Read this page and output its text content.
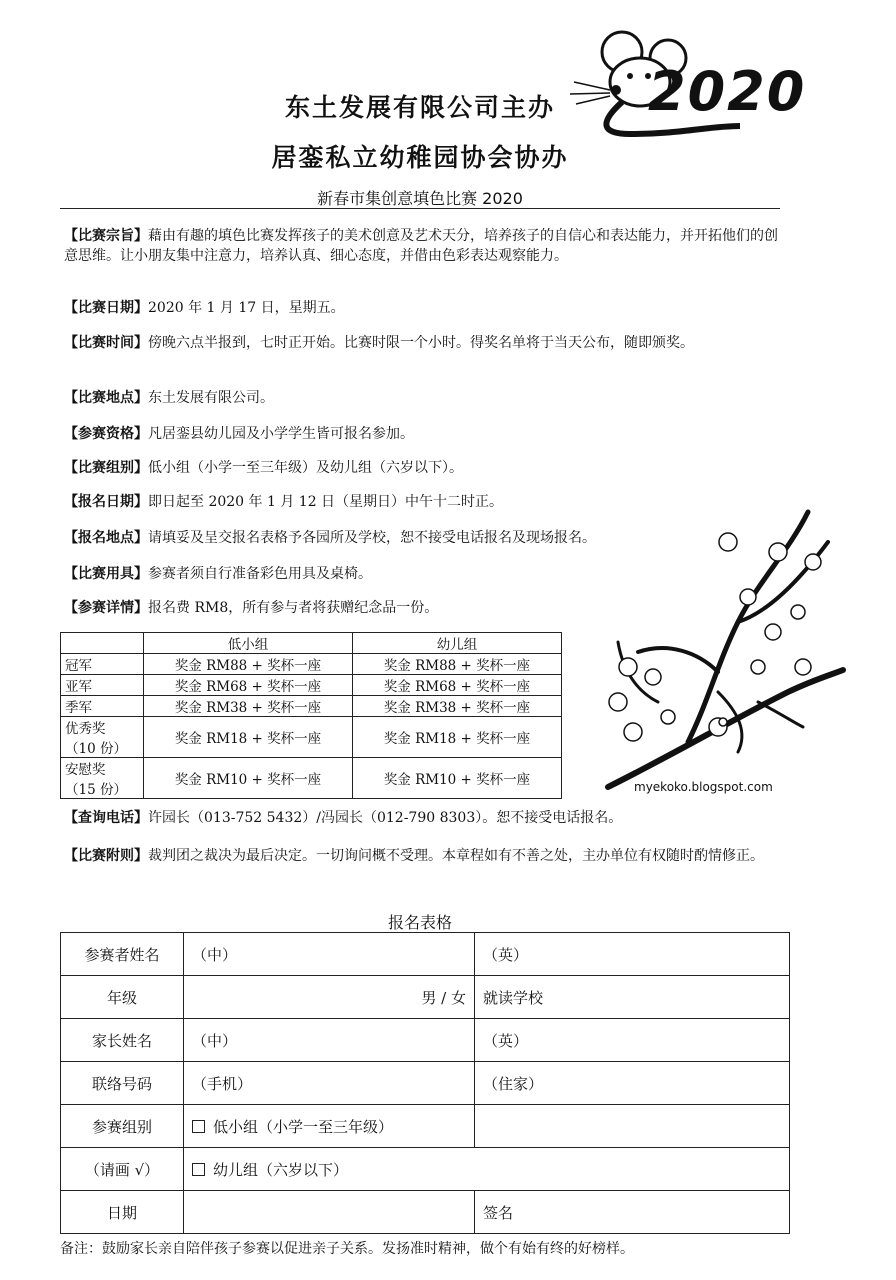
2020
东土发展有限公司主办
居銮私立幼稚园协会协办
新春市集创意填色比赛 2020
【比赛宗旨】藉由有趣的填色比赛发挥孩子的美术创意及艺术天分，培养孩子的自信心和表达能力，并开拓他们的创意思维。让小朋友集中注意力，培养认真、细心态度，并借由色彩表达观察能力。
【比赛日期】2020 年 1 月 17 日，星期五。
【比赛时间】傍晚六点半报到，七时正开始。比赛时限一个小时。得奖名单将于当天公布，随即颁奖。
【比赛地点】东土发展有限公司。
【参赛资格】凡居銮县幼儿园及小学学生皆可报名参加。
【比赛组别】低小组（小学一至三年级）及幼儿组（六岁以下）。
【报名日期】即日起至 2020 年 1 月 12 日（星期日）中午十二时正。
【报名地点】请填妥及呈交报名表格予各园所及学校，恕不接受电话报名及现场报名。
【比赛用具】参赛者须自行准备彩色用具及桌椅。
【参赛详情】报名费 RM8，所有参与者将获赠纪念品一份。
	低小组	幼儿组
冠军	奖金 RM88 + 奖杯一座	奖金 RM88 + 奖杯一座
亚军	奖金 RM68 + 奖杯一座	奖金 RM68 + 奖杯一座
季军	奖金 RM38 + 奖杯一座	奖金 RM38 + 奖杯一座

优秀奖
（10 份）	奖金 RM18 + 奖杯一座	奖金 RM18 + 奖杯一座

安慰奖
（15 份）	奖金 RM10 + 奖杯一座	奖金 RM10 + 奖杯一座	myekoko.blogspot.com
【查询电话】许园长（013-752 5432）/冯园长（012-790 8303）。恕不接受电话报名。
【比赛附则】裁判团之裁决为最后决定。一切询问概不受理。本章程如有不善之处，主办单位有权随时酌情修正。
报名表格
参赛者姓名	（中）	（英）
年级	男 / 女	就读学校
家长姓名	（中）	（英）
联络号码	（手机）	（住家）
参赛组别	低小组（小学一至三年级）	
（请画 √）	幼儿组（六岁以下）	
日期		签名
备注：鼓励家长亲自陪伴孩子参赛以促进亲子关系。发扬准时精神，做个有始有终的好榜样。
